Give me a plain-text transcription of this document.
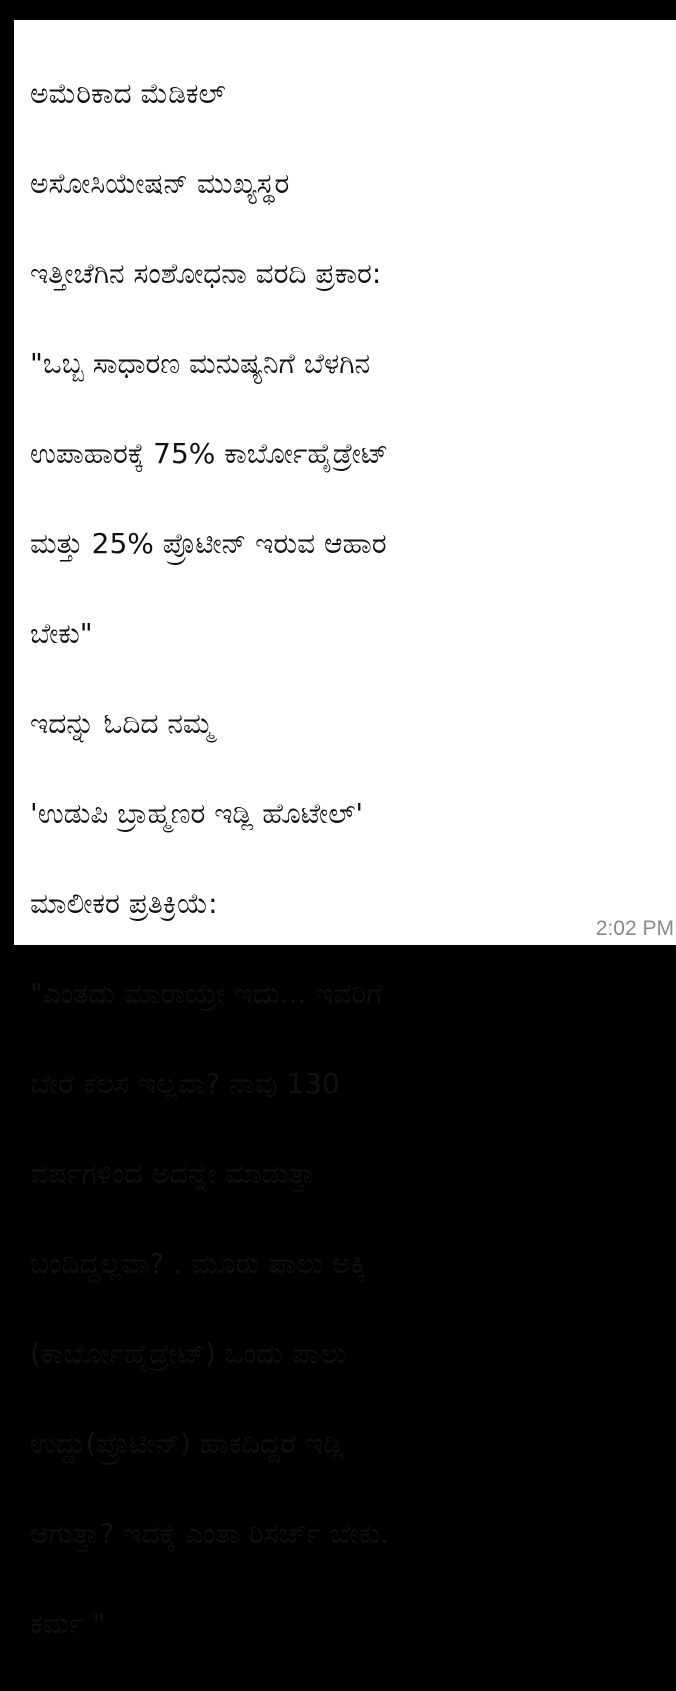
ಅಮೆರಿಕಾದ ಮೆಡಿಕಲ್

ಅಸೋಸಿಯೇಷನ್ ಮುಖ್ಯಸ್ಥರ

ಇತ್ತೀಚೆಗಿನ ಸಂಶೋಧನಾ ವರದಿ ಪ್ರಕಾರ:

"ಒಬ್ಬ ಸಾಧಾರಣ ಮನುಷ್ಯನಿಗೆ ಬೆಳಗಿನ

ಉಪಾಹಾರಕ್ಕೆ 75% ಕಾರ್ಬೋಹೈಡ್ರೇಟ್

ಮತ್ತು 25% ಪ್ರೊಟೀನ್ ಇರುವ ಆಹಾರ

ಬೇಕು"

ಇದನ್ನು ಓದಿದ ನಮ್ಮ

'ಉಡುಪಿ ಬ್ರಾಹ್ಮಣರ ಇಡ್ಲಿ ಹೊಟೇಲ್'

ಮಾಲೀಕರ ಪ್ರತಿಕ್ರಿಯೆ:

"ಎಂತದು ಮಾರಾಯ್ರೇ ಇದು... ಇವರಿಗೆ

ಬೇರೆ ಕೆಲಸ ಇಲ್ಲವಾ? ನಾವು 130

ವರ್ಷಗಳಿಂದ ಅದನ್ನೇ ಮಾಡುತ್ತಾ

ಬಂದಿದ್ದಲ್ಲವಾ? . ಮೂರು ಪಾಲು ಅಕ್ಕಿ

(ಕಾರ್ಬೋಹೈಡ್ರೇಟ್) ಒಂದು ಪಾಲು

ಉದ್ದು(ಪ್ರೊಟೀನ್) ಹಾಕದಿದ್ದರೆ ಇಡ್ಲಿ

ಆಗುತ್ತಾ? ಇದಕ್ಕೆ ಎಂತಾ ರಿಸರ್ಚ್ ಬೇಕು.

ಕರ್ಮ "

2:02 PM
